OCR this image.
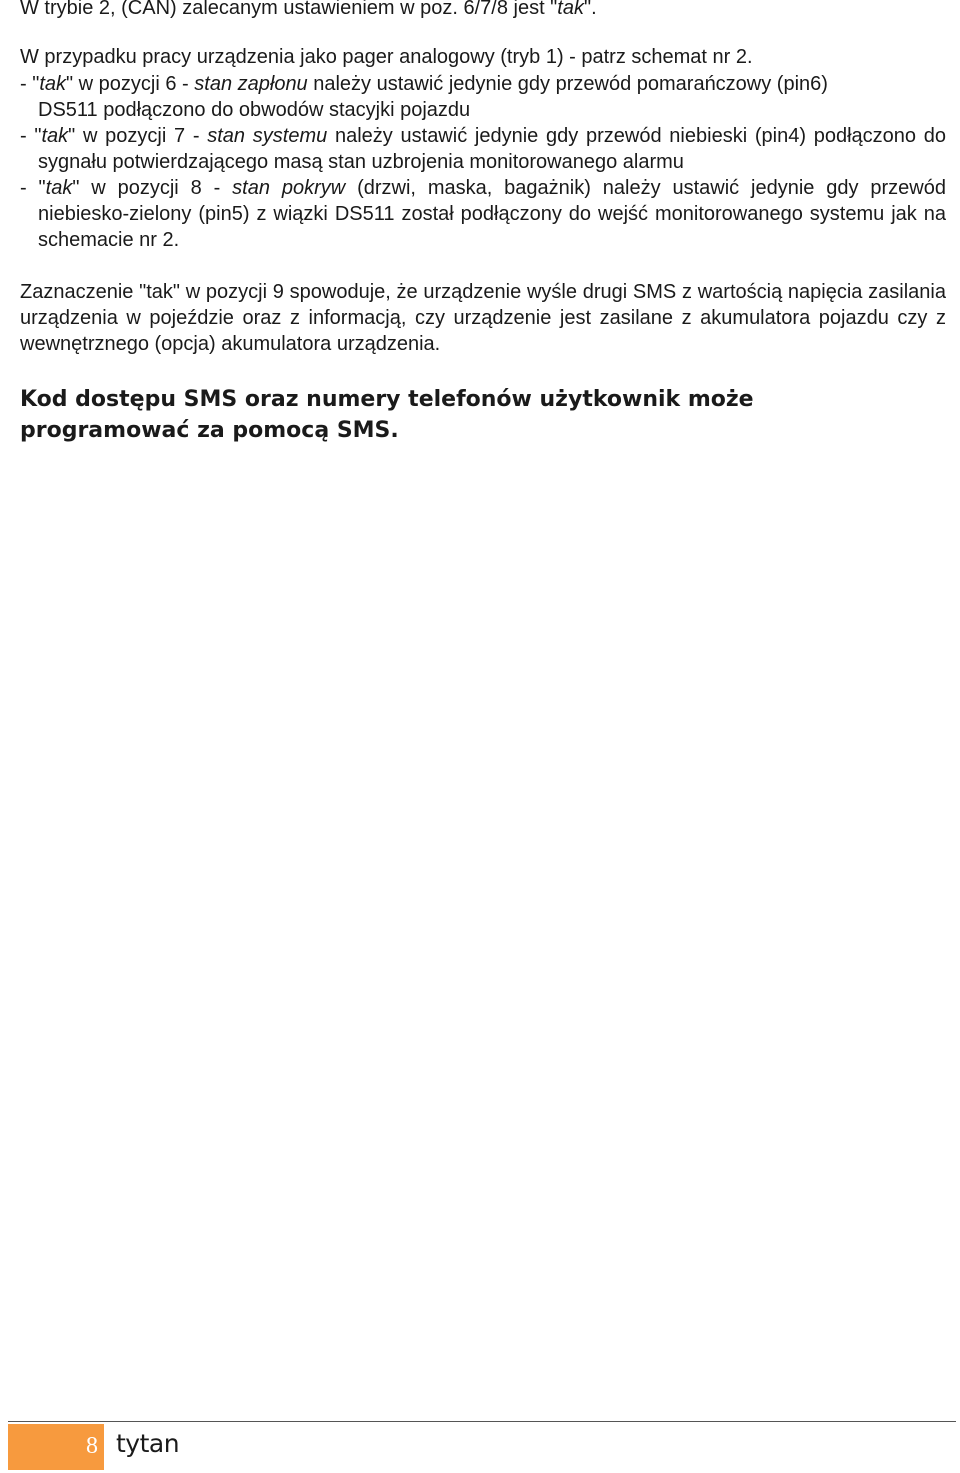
W trybie 2, (CAN) zalecanym ustawieniem w poz. 6/7/8 jest "tak".
W przypadku pracy urządzenia jako pager analogowy (tryb 1) - patrz schemat nr 2.
- "tak" w pozycji 6 - stan zapłonu należy ustawić jedynie gdy przewód pomarańczowy (pin6)
DS511 podłączono do obwodów stacyjki pojazdu
- "tak" w pozycji 7 - stan systemu należy ustawić jedynie gdy przewód niebieski (pin4) podłączono do sygnału potwierdzającego masą stan uzbrojenia monitorowanego alarmu
- "tak" w pozycji 8 - stan pokryw (drzwi, maska, bagażnik) należy ustawić jedynie gdy przewód niebiesko-zielony (pin5) z wiązki DS511 został podłączony do wejść monitorowanego systemu jak na schemacie nr 2.
Zaznaczenie "tak" w pozycji 9 spowoduje, że urządzenie wyśle drugi SMS z wartością napięcia zasilania urządzenia w pojeździe oraz z informacją, czy urządzenie jest zasilane z akumulatora pojazdu czy z wewnętrznego (opcja) akumulatora urządzenia.
Kod dostępu SMS oraz numery telefonów użytkownik może programować za pomocą SMS.
8 tytan
